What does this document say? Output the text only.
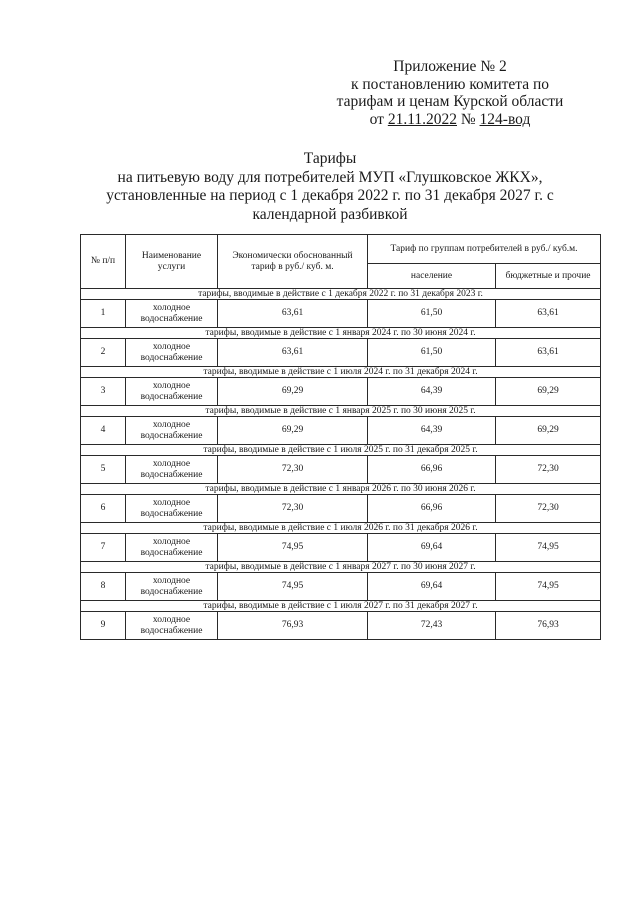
Приложение № 2
к постановлению комитета по
тарифам и ценам Курской области
от 21.11.2022 № 124-вод
Тарифы
на питьевую воду для потребителей МУП «Глушковское ЖКХ»,
установленные на период с 1 декабря 2022 г. по 31 декабря 2027 г. с
календарной разбивкой
№ п/п	Наименование услуги	Экономически обоснованный тариф в руб./ куб. м.	Тариф по группам потребителей в руб./ куб.м.	
			население	бюджетные и прочие
тарифы, вводимые в действие с 1 декабря 2022 г. по 31 декабря 2023 г.				
1	холодное водоснабжение	63,61	61,50	63,61
тарифы, вводимые в действие с 1 января 2024 г. по 30 июня 2024 г.				
2	холодное водоснабжение	63,61	61,50	63,61
тарифы, вводимые в действие с 1 июля 2024 г. по 31 декабря 2024 г.				
3	холодное водоснабжение	69,29	64,39	69,29
тарифы, вводимые в действие с 1 января 2025 г. по 30 июня 2025 г.				
4	холодное водоснабжение	69,29	64,39	69,29
тарифы, вводимые в действие с 1 июля 2025 г. по 31 декабря 2025 г.				
5	холодное водоснабжение	72,30	66,96	72,30
тарифы, вводимые в действие с 1 января 2026 г. по 30 июня 2026 г.				
6	холодное водоснабжение	72,30	66,96	72,30
тарифы, вводимые в действие с 1 июля 2026 г. по 31 декабря 2026 г.				
7	холодное водоснабжение	74,95	69,64	74,95
тарифы, вводимые в действие с 1 января 2027 г. по 30 июня 2027 г.				
8	холодное водоснабжение	74,95	69,64	74,95
тарифы, вводимые в действие с 1 июля 2027 г. по 31 декабря 2027 г.				
9	холодное водоснабжение	76,93	72,43	76,93
